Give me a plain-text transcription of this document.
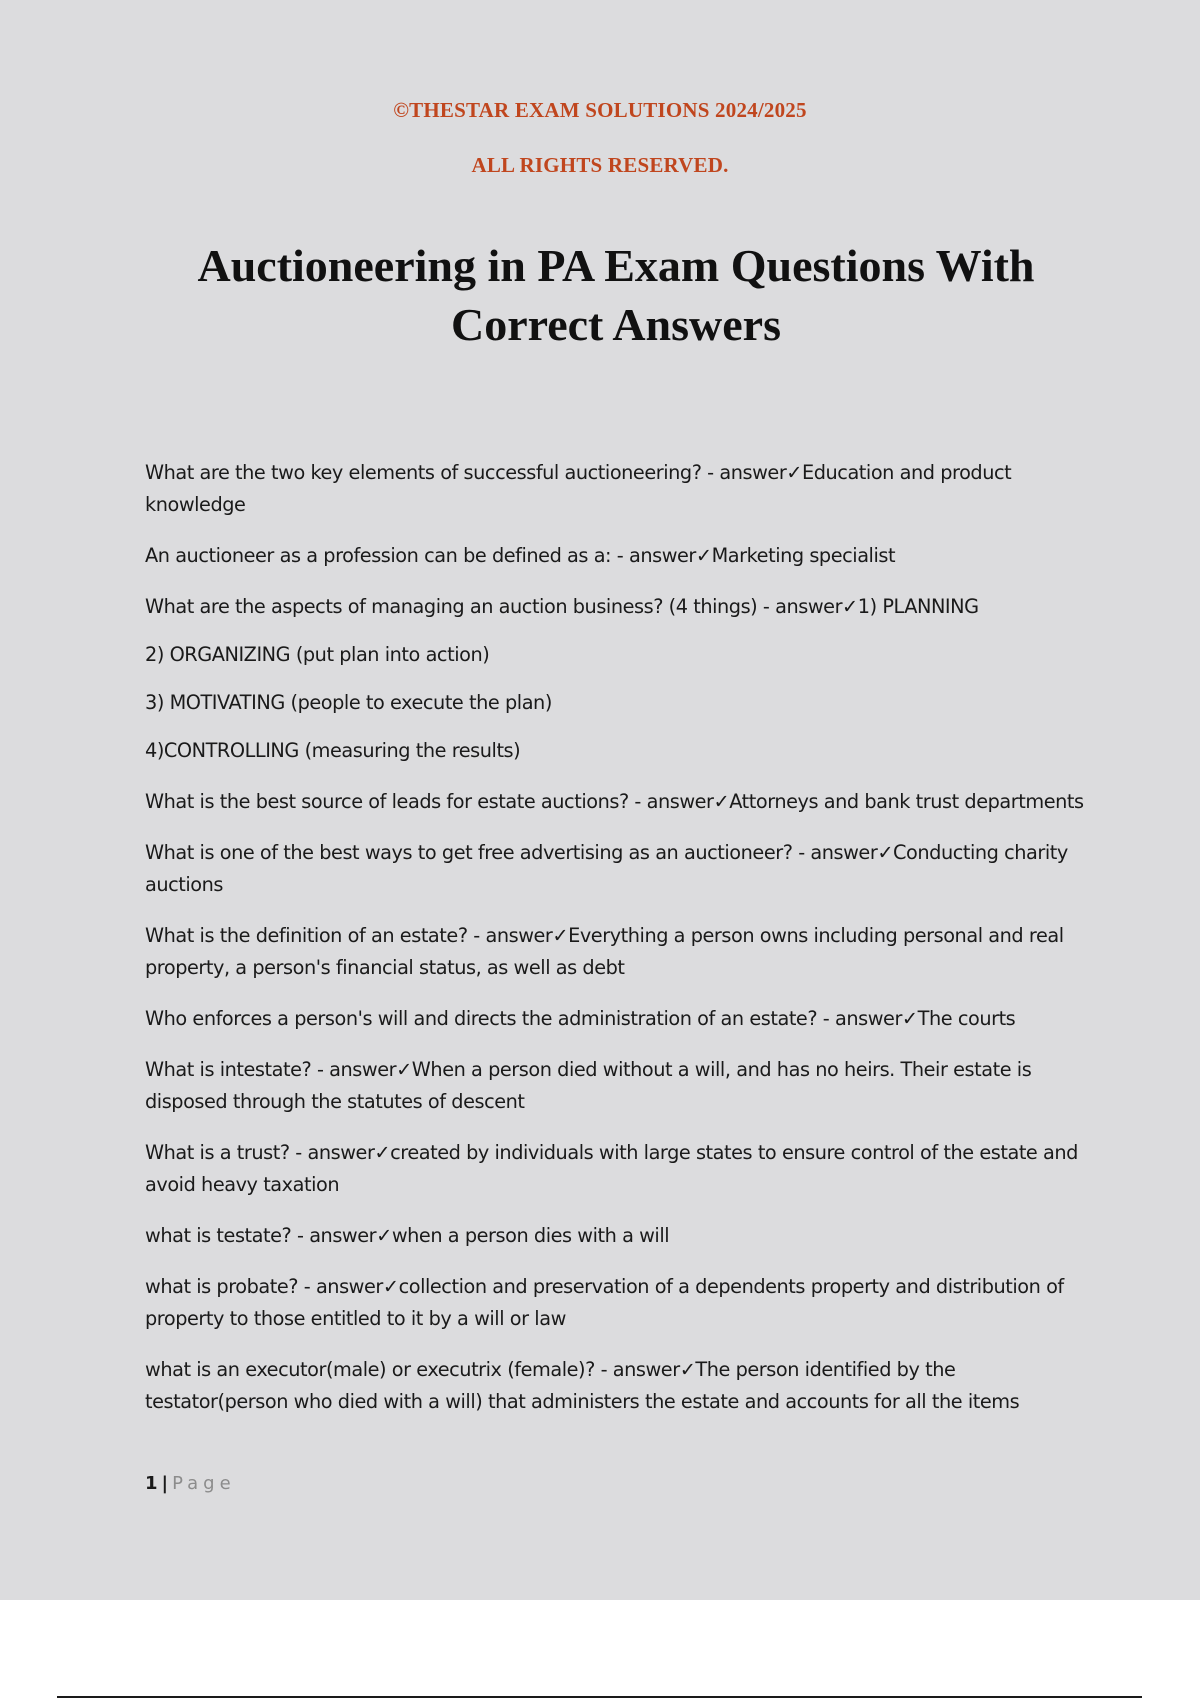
©THESTAR EXAM SOLUTIONS 2024/2025
ALL RIGHTS RESERVED.
Auctioneering in PA Exam Questions With Correct Answers
What are the two key elements of successful auctioneering? - answer✓Education and product knowledge
An auctioneer as a profession can be defined as a: - answer✓Marketing specialist
What are the aspects of managing an auction business? (4 things) - answer✓1) PLANNING
2) ORGANIZING (put plan into action)
3) MOTIVATING (people to execute the plan)
4)CONTROLLING (measuring the results)
What is the best source of leads for estate auctions? - answer✓Attorneys and bank trust departments
What is one of the best ways to get free advertising as an auctioneer? - answer✓Conducting charity auctions
What is the definition of an estate? - answer✓Everything a person owns including personal and real property, a person's financial status, as well as debt
Who enforces a person's will and directs the administration of an estate? - answer✓The courts
What is intestate? - answer✓When a person died without a will, and has no heirs. Their estate is disposed through the statutes of descent
What is a trust? - answer✓created by individuals with large states to ensure control of the estate and avoid heavy taxation
what is testate? - answer✓when a person dies with a will
what is probate? - answer✓collection and preservation of a dependents property and distribution of property to those entitled to it by a will or law
what is an executor(male) or executrix (female)? - answer✓The person identified by the testator(person who died with a will) that administers the estate and accounts for all the items
1 | Page
